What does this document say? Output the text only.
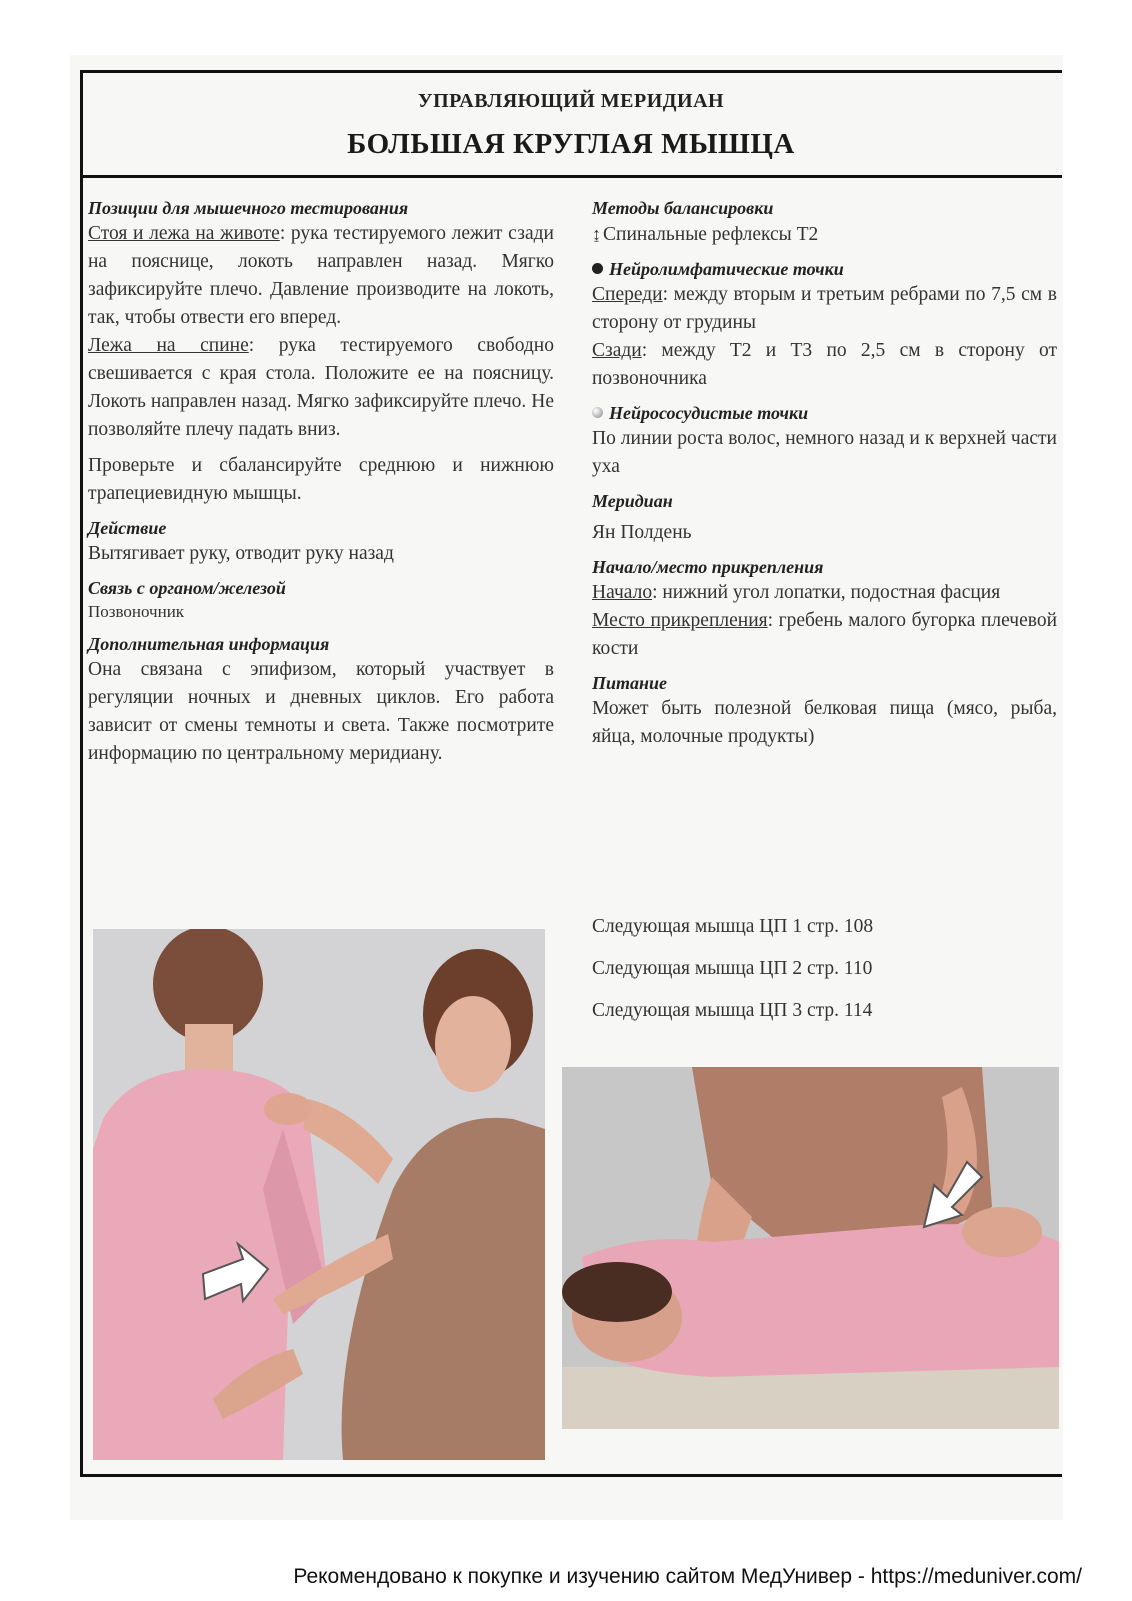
УПРАВЛЯЮЩИЙ МЕРИДИАН
БОЛЬШАЯ КРУГЛАЯ МЫШЦА
Позиции для мышечного тестирования
Стоя и лежа на животе: рука тестируемого лежит сзади на пояснице, локоть направлен назад. Мягко зафиксируйте плечо. Давление производите на локоть, так, чтобы отвести его вперед.
Лежа на спине: рука тестируемого свободно свешивается с края стола. Положите ее на поясницу. Локоть направлен назад. Мягко зафиксируйте плечо. Не позволяйте плечу падать вниз.
Проверьте и сбалансируйте среднюю и нижнюю трапециевидную мышцы.
Действие
Вытягивает руку, отводит руку назад
Связь с органом/железой
Позвоночник
Дополнительная информация
Она связана с эпифизом, который участвует в регуляции ночных и дневных циклов. Его работа зависит от смены темноты и света. Также посмотрите информацию по центральному меридиану.
Методы балансировки
↨ Спинальные рефлексы Т2
Нейролимфатические точки
Спереди: между вторым и третьим ребрами по 7,5 см в сторону от грудины
Сзади: между Т2 и Т3 по 2,5 см в сторону от позвоночника
Нейрососудистые точки
По линии роста волос, немного назад и к верхней части уха
Меридиан
Ян Полдень
Начало/место прикрепления
Начало: нижний угол лопатки, подостная фасция
Место прикрепления: гребень малого бугорка плечевой кости
Питание
Может быть полезной белковая пища (мясо, рыба, яйца, молочные продукты)
Следующая мышца ЦП 1 стр. 108
Следующая мышца ЦП 2 стр. 110
Следующая мышца ЦП 3 стр. 114
Рекомендовано к покупке и изучению сайтом МедУнивер - https://meduniver.com/
